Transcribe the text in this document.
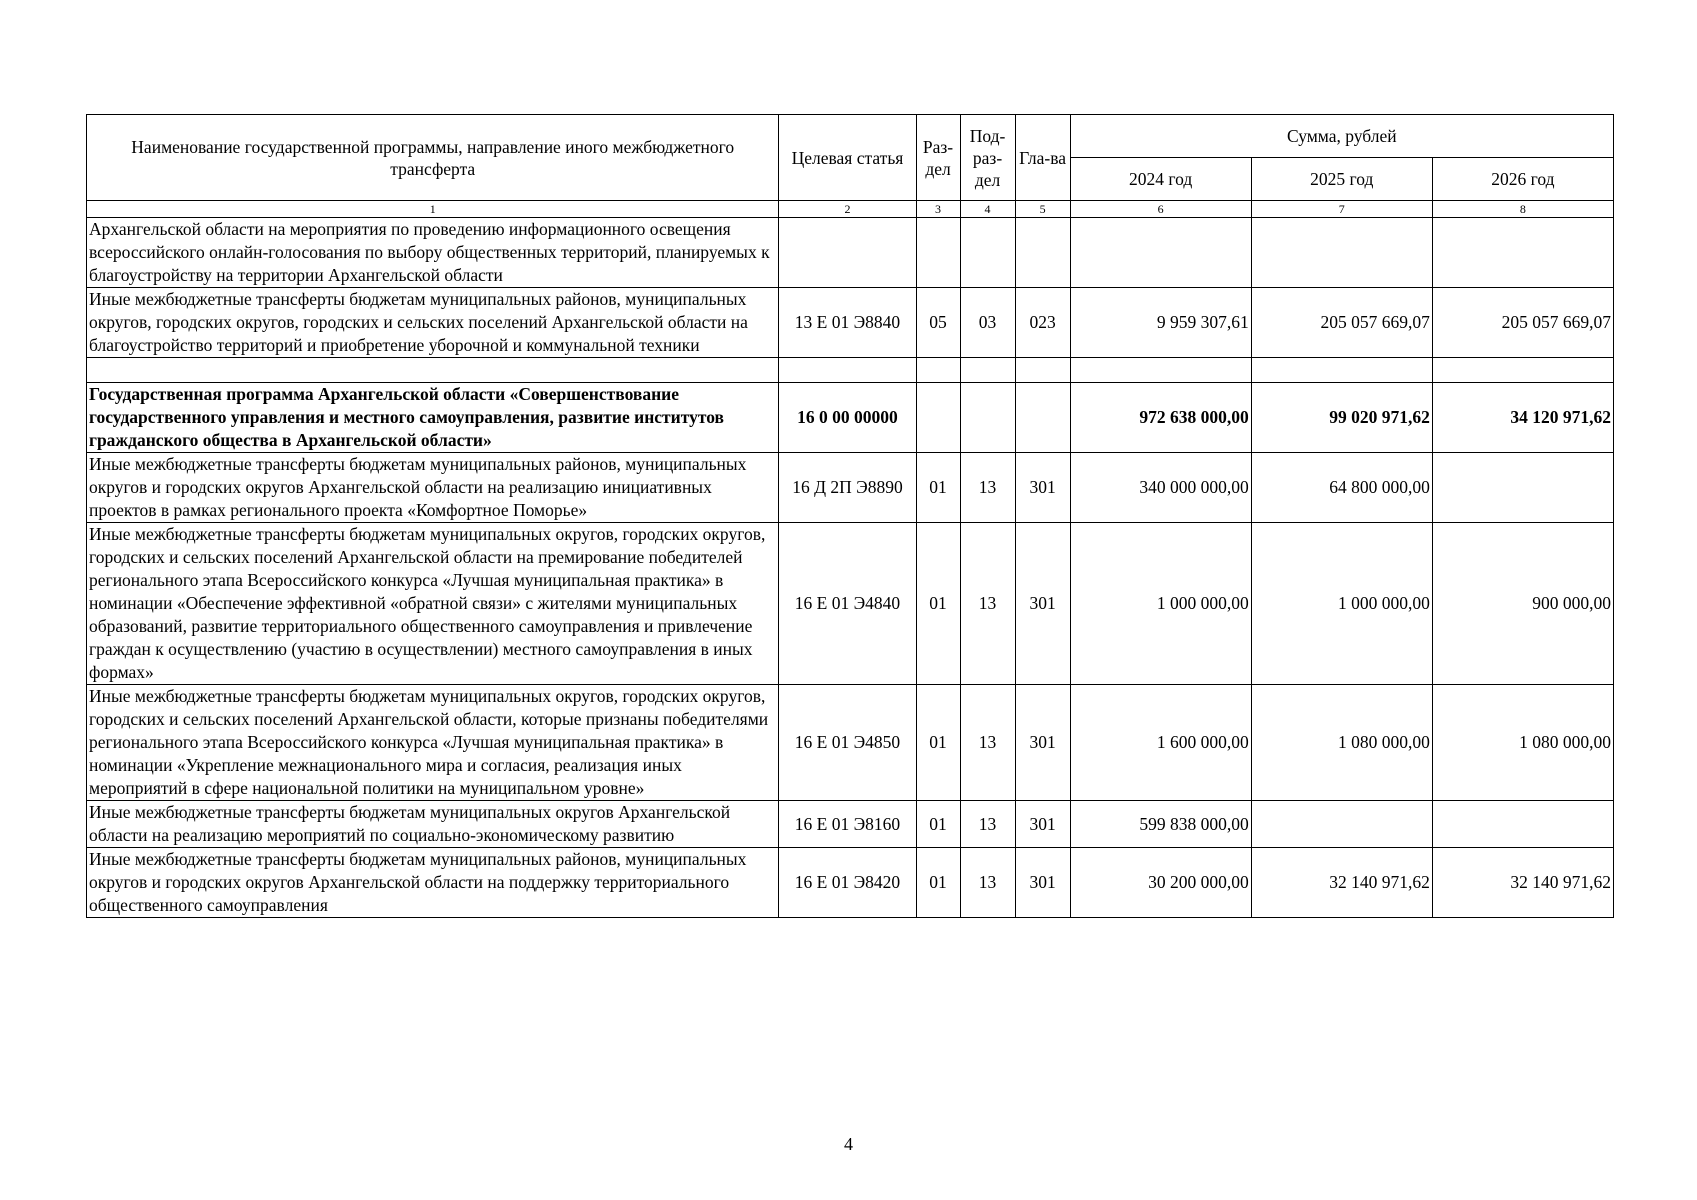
Наименование государственной программы, направление иного межбюджетного трансферта	Целевая статья	Раз-дел	Под-раз-дел	Гла-ва	Сумма, рублей		
					2024 год	2025 год	2026 год
1	2	3	4	5	6	7	8
Архангельской области на мероприятия по проведению информационного освещения всероссийского онлайн-голосования по выбору общественных территорий, планируемых к благоустройству на территории Архангельской области							
Иные межбюджетные трансферты бюджетам муниципальных районов, муниципальных округов, городских округов, городских и сельских поселений Архангельской области на благоустройство территорий и приобретение уборочной и коммунальной техники	13 Е 01 Э8840	05	03	023	9 959 307,61	205 057 669,07	205 057 669,07

Государственная программа Архангельской области «Совершенствование государственного управления и местного самоуправления, развитие институтов гражданского общества в Архангельской области»	16 0 00 00000				972 638 000,00	99 020 971,62	34 120 971,62
Иные межбюджетные трансферты бюджетам муниципальных районов, муниципальных округов и городских округов Архангельской области на реализацию инициативных проектов в рамках регионального проекта «Комфортное Поморье»	16 Д 2П Э8890	01	13	301	340 000 000,00	64 800 000,00	
Иные межбюджетные трансферты бюджетам муниципальных округов, городских округов, городских и сельских поселений Архангельской области на премирование победителей регионального этапа Всероссийского конкурса «Лучшая муниципальная практика» в номинации «Обеспечение эффективной «обратной связи» с жителями муниципальных образований, развитие территориального общественного самоуправления и привлечение граждан к осуществлению (участию в осуществлении) местного самоуправления в иных формах»	16 Е 01 Э4840	01	13	301	1 000 000,00	1 000 000,00	900 000,00
Иные межбюджетные трансферты бюджетам муниципальных округов, городских округов, городских и сельских поселений Архангельской области, которые признаны победителями регионального этапа Всероссийского конкурса «Лучшая муниципальная практика» в номинации «Укрепление межнационального мира и согласия, реализация иных мероприятий в сфере национальной политики на муниципальном уровне»	16 Е 01 Э4850	01	13	301	1 600 000,00	1 080 000,00	1 080 000,00
Иные межбюджетные трансферты бюджетам муниципальных округов Архангельской области на реализацию мероприятий по социально-экономическому развитию	16 Е 01 Э8160	01	13	301	599 838 000,00		
Иные межбюджетные трансферты бюджетам муниципальных районов, муниципальных округов и городских округов Архангельской области на поддержку территориального общественного самоуправления	16 Е 01 Э8420	01	13	301	30 200 000,00	32 140 971,62	32 140 971,62
4
